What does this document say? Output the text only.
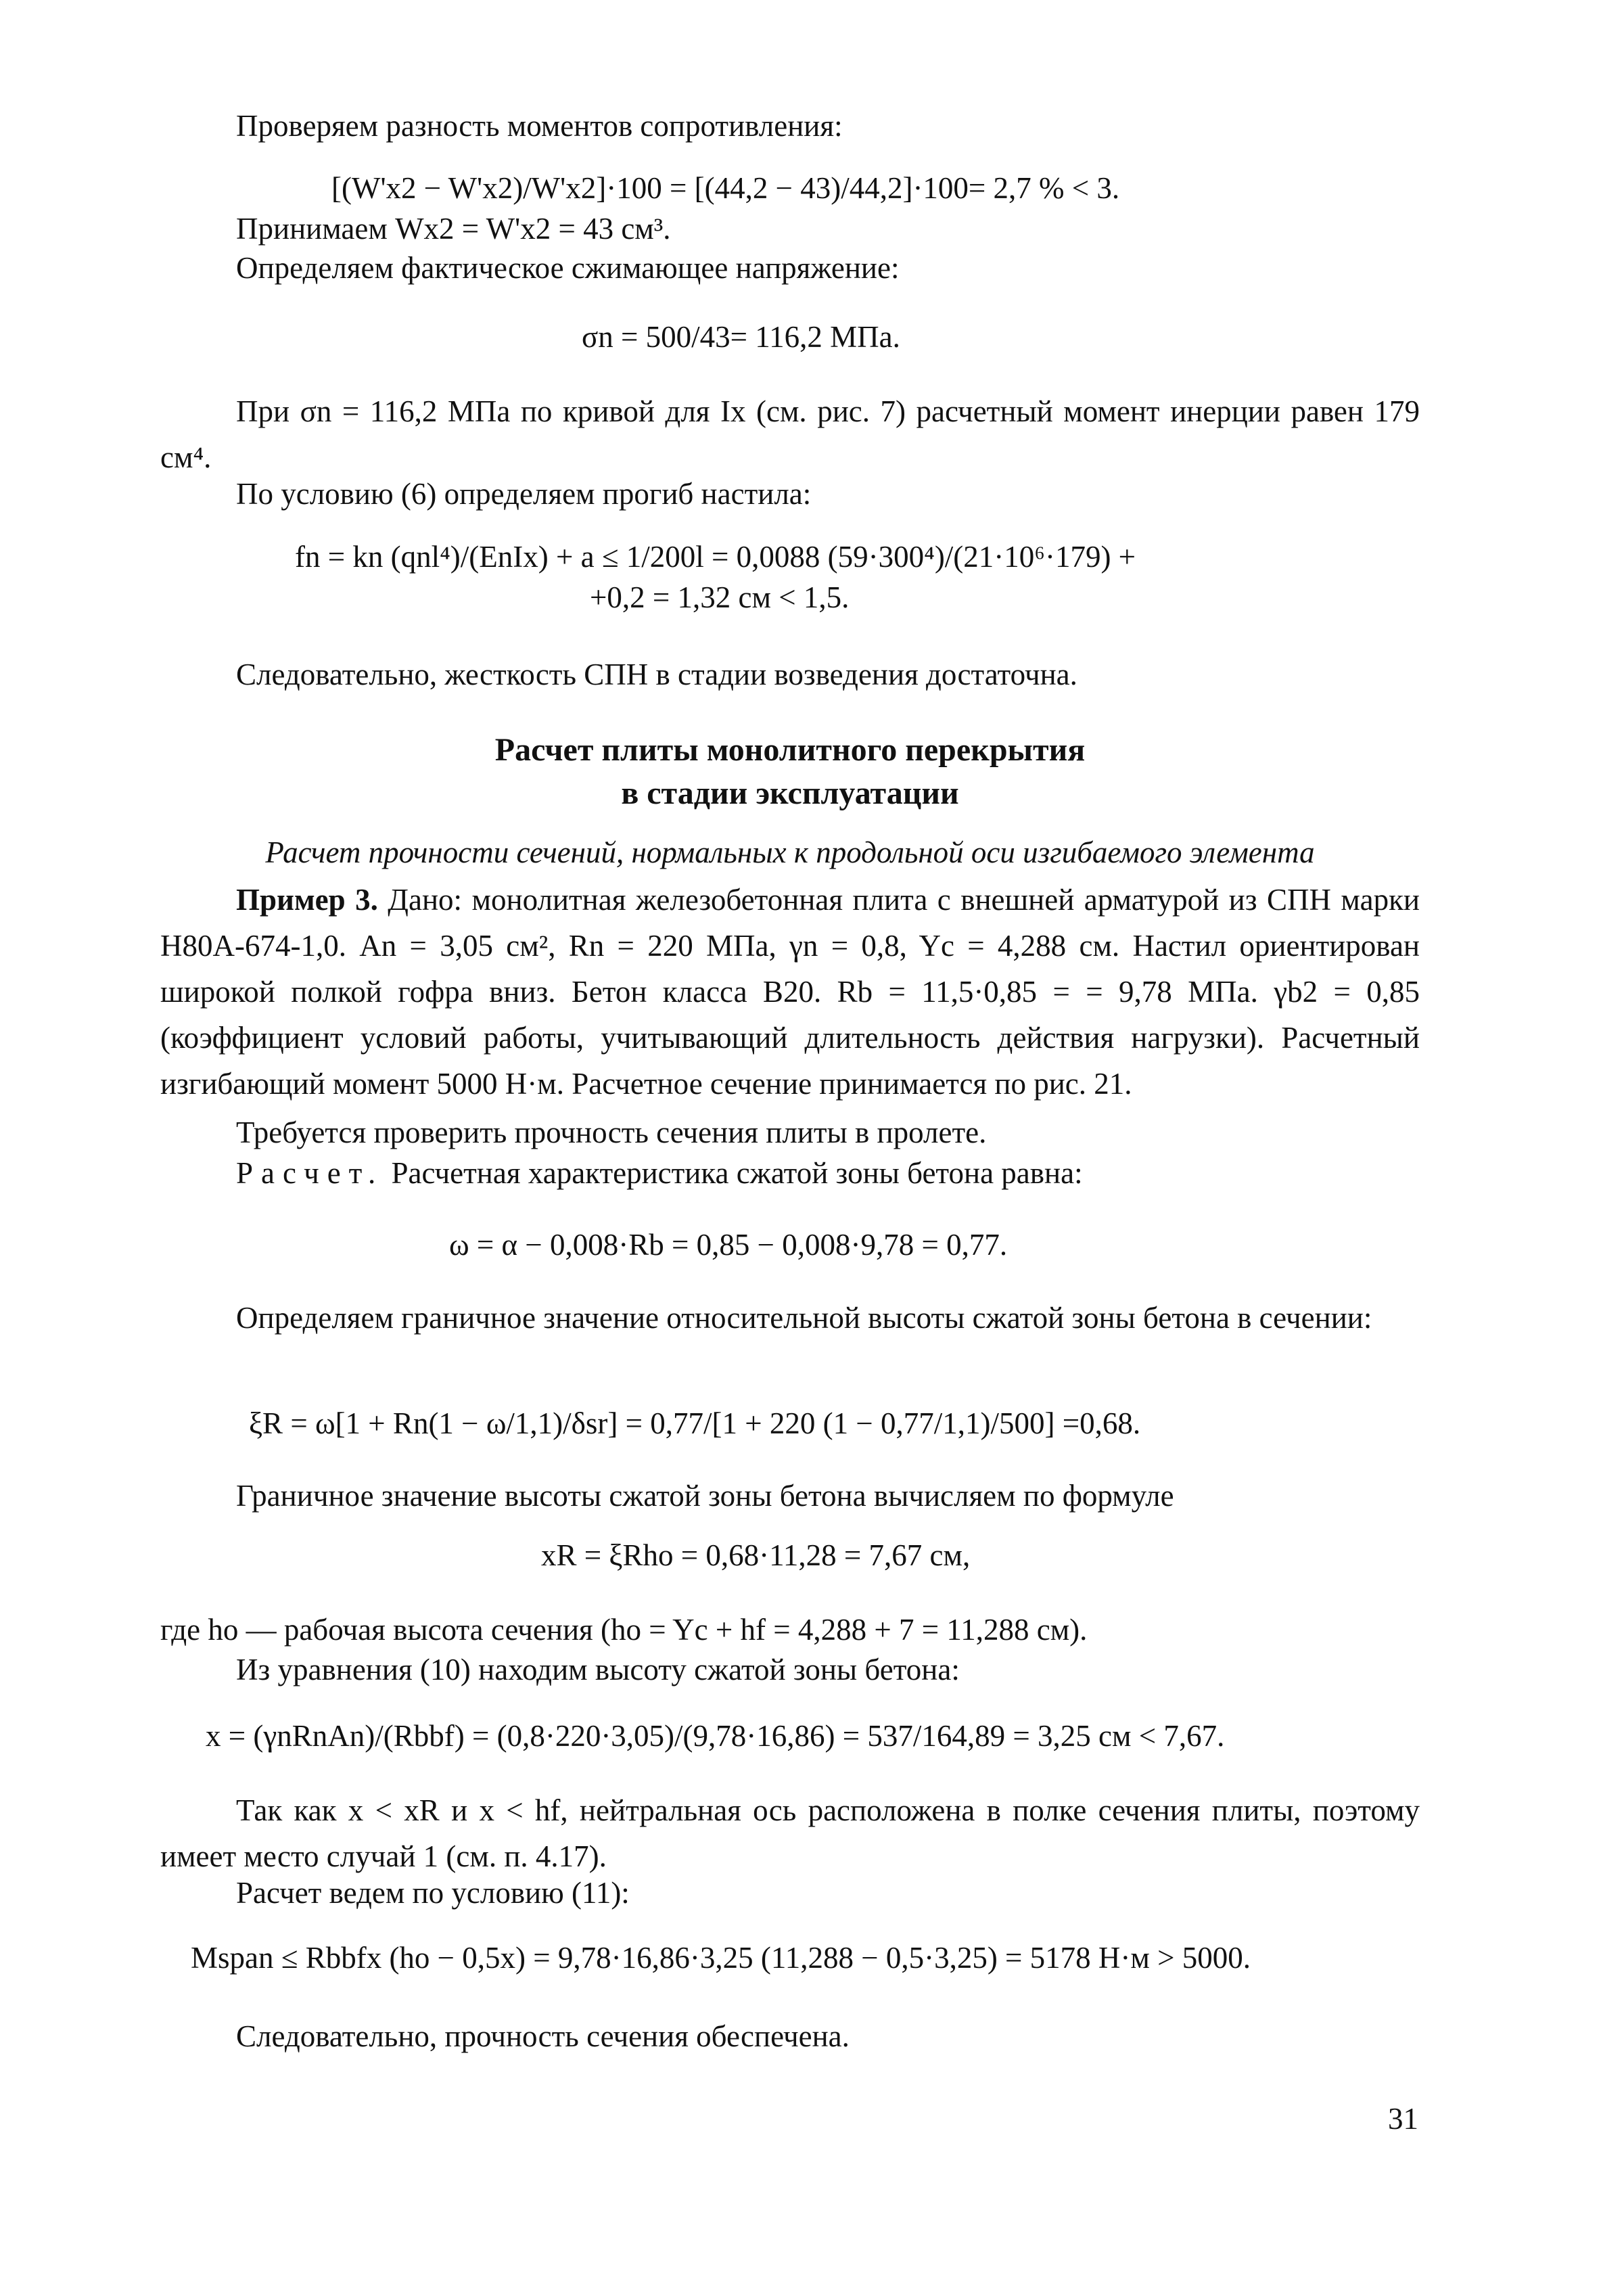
Проверяем разность моментов сопротивления:

[(W'x2 − W'x2)/W'x2]·100 = [(44,2 − 43)/44,2]·100= 2,7 % < 3.

Принимаем Wx2 = W'x2 = 43 см³.

Определяем фактическое сжимающее напряжение:

σn = 500/43= 116,2 МПа.

При σn = 116,2 МПа по кривой для Ix (см. рис. 7) расчетный момент инерции равен 179 см⁴.

По условию (6) определяем прогиб настила:

fn = kn (qnl⁴)/(EnIx) + a ≤ 1/200l = 0,0088 (59·300⁴)/(21·10⁶·179) +

+0,2 = 1,32 см < 1,5.

Следовательно, жесткость СПН в стадии возведения достаточна.

Расчет плиты монолитного перекрытия

в стадии эксплуатации

Расчет прочности сечений, нормальных к продольной оси изгибаемого элемента

Пример 3. Дано: монолитная железобетонная плита с внешней арматурой из СПН марки Н80А-674-1,0. An = 3,05 см², Rn = 220 МПа, γn = 0,8, Yc = 4,288 см. Настил ориентирован широкой полкой гофра вниз. Бетон класса В20. Rb = 11,5·0,85 = = 9,78 МПа. γb2 = 0,85 (коэффициент условий работы, учитывающий длительность действия нагрузки). Расчетный изгибающий момент 5000 Н·м. Расчетное сечение принимается по рис. 21.

Требуется проверить прочность сечения плиты в пролете.

Расчет. Расчетная характеристика сжатой зоны бетона равна:

ω = α − 0,008·Rb = 0,85 − 0,008·9,78 = 0,77.

Определяем граничное значение относительной высоты сжатой зоны бетона в сечении:

ξR = ω[1 + Rn(1 − ω/1,1)/δsr] = 0,77/[1 + 220 (1 − 0,77/1,1)/500] =0,68.

Граничное значение высоты сжатой зоны бетона вычисляем по формуле

xR = ξRho = 0,68·11,28 = 7,67 см,

где ho — рабочая высота сечения (ho = Yc + hf = 4,288 + 7 = 11,288 см).

Из уравнения (10) находим высоту сжатой зоны бетона:

x = (γnRnAn)/(Rbbf) = (0,8·220·3,05)/(9,78·16,86) = 537/164,89 = 3,25 см < 7,67.

Так как x < xR и x < hf, нейтральная ось расположена в полке сечения плиты, поэтому имеет место случай 1 (см. п. 4.17).

Расчет ведем по условию (11):

Mspan ≤ Rbbfx (ho − 0,5x) = 9,78·16,86·3,25 (11,288 − 0,5·3,25) = 5178 Н·м > 5000.

Следовательно, прочность сечения обеспечена.

31
